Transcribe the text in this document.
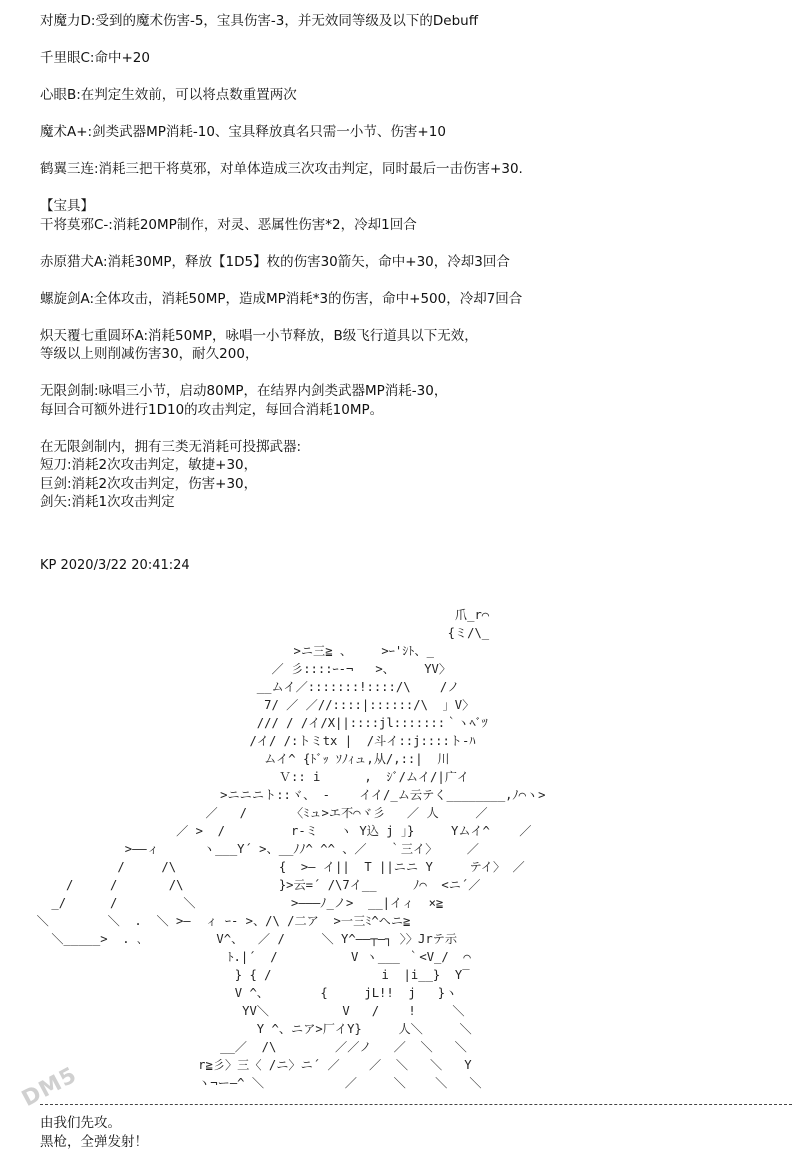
对魔力D:受到的魔术伤害-5，宝具伤害-3，并无效同等级及以下的Debuff

千里眼C:命中+20

心眼B:在判定生效前，可以将点数重置两次

魔术A+:剑类武器MP消耗-10、宝具释放真名只需一小节、伤害+10

鹤翼三连:消耗三把干将莫邪，对单体造成三次攻击判定，同时最后一击伤害+30.

【宝具】

干将莫邪C-:消耗20MP制作，对灵、恶属性伤害*2，冷却1回合

赤原猎犬A:消耗30MP，释放【1D5】枚的伤害30箭矢，命中+30，冷却3回合

螺旋剑A:全体攻击，消耗50MP，造成MP消耗*3的伤害，命中+500，冷却7回合

炽天覆七重圆环A:消耗50MP，咏唱一小节释放，B级飞行道具以下无效，

等级以上则削减伤害30，耐久200，

无限剑制:咏唱三小节，启动80MP，在结界内剑类武器MP消耗-30，

每回合可额外进行1D10的攻击判定，每回合消耗10MP。

在无限剑制内，拥有三类无消耗可投掷武器:

短刀:消耗2次攻击判定，敏捷+30，

巨剑:消耗2次攻击判定，伤害+30，

剑矢:消耗1次攻击判定

KP 2020/3/22 20:41:24
爪_r⌒
{ミ/\_
>ニ三≧ 、    >ｰ'ｼﾄ、_
／ 彡::::ｰ-¬   >、    YV〉
__ムイ／:::::::!::::/\    /ノ
7/ ／ ／//::::|::::::/\  」V〉
/// / /イ/X||::::jl:::::::｀ヽﾍﾞﾂ
/イ/ /:トミtx |  /斗イ::j::::ト-ﾊ
ムイ^ {ﾄﾞｯ ｿﾉｨュ,从/,::|  川
Ｖ:: i      ,  ｼﾞ/ムイ/|广イ
>ニニニト::ヾ、 -    イイ/_ム云テく________,ﾉ⌒ヽ>
／   /      〈ﾐュ>エ不⌒ヾ彡   ／ 人     ／
／ >  /         r-ミ   ヽ Y込 j 」}     Yムイ^    ／
>――ィ      ヽ___Y´ >、__ﾉﾉ^ ^^ 、／   ｀三イ〉    ／
/     /\              {  >― イ||  T ||ニニ Y     テイ〉 ／
/     /       /\             }>云=´ /\7イ__     ﾉ⌒  <ニ´／
_/      /         ＼             >―――ﾉ_ノ>  __|イィ  ×≧
＼        ＼  .  ＼ >―  ィ ｰ- >、/\ /二ア  >一三ﾐ^ヘニ≧
＼_____>  . ､          V^、  ／ /     ＼ Y^――┬―┐ 〉〉Jrテ示
ﾄ.|´  /          V ヽ___ ｀<V_/  ⌒
} { /               i  |i__}  Y‾
V ^、       {     jL!!  j   }ヽ
YV＼          V   /    !     ＼
Y ^、ニア>厂イY}     人＼     ＼
__／  /\        ／／ノ   ／  ＼   ＼
r≧彡〉三〈 /ニ〉ニ´ ／    ／  ＼   ＼   Y
ヽ¬ー―^ ＼           ／     ＼    ＼   ＼

由我们先攻。

黑枪，全弹发射！

DM5
